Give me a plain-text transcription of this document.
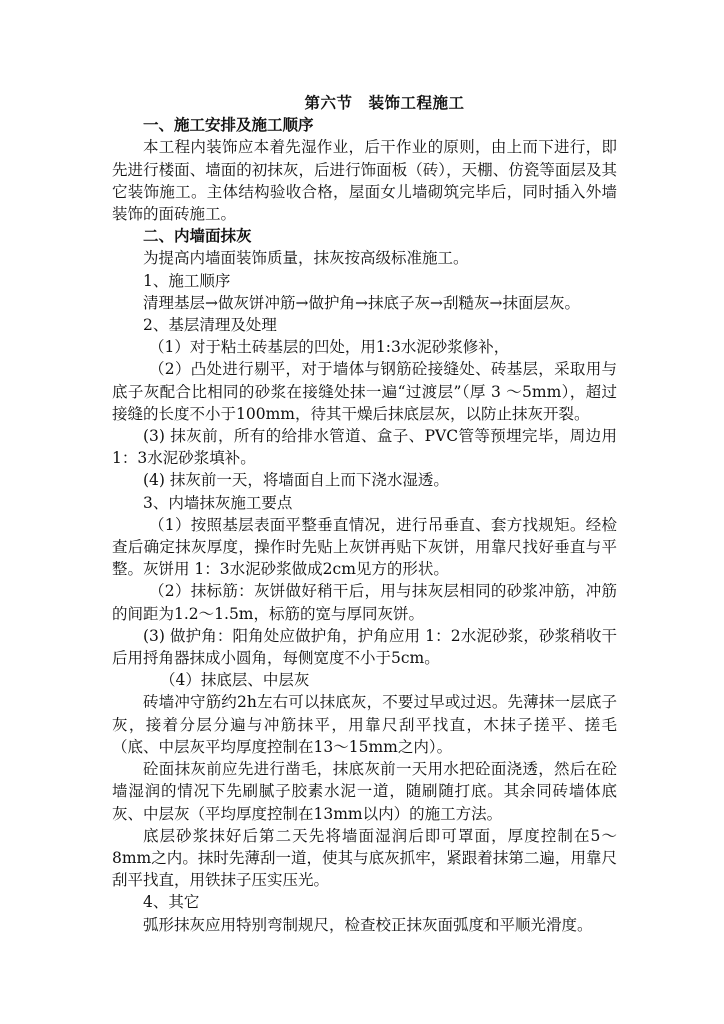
第六节　装饰工程施工

一、施工安排及施工顺序

本工程内装饰应本着先湿作业，后干作业的原则，由上而下进行，即先进行楼面、墙面的初抹灰，后进行饰面板（砖），天棚、仿瓷等面层及其它装饰施工。主体结构验收合格，屋面女儿墙砌筑完毕后，同时插入外墙装饰的面砖施工。

二、内墙面抹灰

为提高内墙面装饰质量，抹灰按高级标准施工。

1、施工顺序

清理基层→做灰饼冲筋→做护角→抹底子灰→刮糙灰→抹面层灰。

2、基层清理及处理

（1）对于粘土砖基层的凹处，用1:3水泥砂浆修补，

（2）凸处进行剔平，对于墙体与钢筋砼接缝处、砖基层，采取用与底子灰配合比相同的砂浆在接缝处抹一遍“过渡层”（厚 3 ～5mm），超过接缝的长度不小于100mm，待其干燥后抹底层灰，以防止抹灰开裂。

(3) 抹灰前，所有的给排水管道、盒子、PVC管等预埋完毕，周边用 1：3水泥砂浆填补。

(4) 抹灰前一天，将墙面自上而下浇水湿透。

3、内墙抹灰施工要点

（1）按照基层表面平整垂直情况，进行吊垂直、套方找规矩。经检查后确定抹灰厚度，操作时先贴上灰饼再贴下灰饼，用靠尺找好垂直与平整。灰饼用 1：3水泥砂浆做成2cm见方的形状。

（2）抹标筋：灰饼做好稍干后，用与抹灰层相同的砂浆冲筋，冲筋的间距为1.2～1.5m，标筋的宽与厚同灰饼。

(3) 做护角：阳角处应做护角，护角应用 1：2水泥砂浆，砂浆稍收干后用捋角器抹成小圆角，每侧宽度不小于5cm。

（4）抹底层、中层灰

砖墙冲守筋约2h左右可以抹底灰，不要过早或过迟。先薄抹一层底子灰，接着分层分遍与冲筋抹平，用靠尺刮平找直，木抹子搓平、搓毛（底、中层灰平均厚度控制在13～15mm之内）。

砼面抹灰前应先进行凿毛，抹底灰前一天用水把砼面浇透，然后在砼墙湿润的情况下先刷腻子胶素水泥一道，随刷随打底。其余同砖墙体底灰、中层灰（平均厚度控制在13mm以内）的施工方法。

底层砂浆抹好后第二天先将墙面湿润后即可罩面，厚度控制在5～8mm之内。抹时先薄刮一道，使其与底灰抓牢，紧跟着抹第二遍，用靠尺刮平找直，用铁抹子压实压光。

4、其它

弧形抹灰应用特别弯制规尺，检查校正抹灰面弧度和平顺光滑度。
